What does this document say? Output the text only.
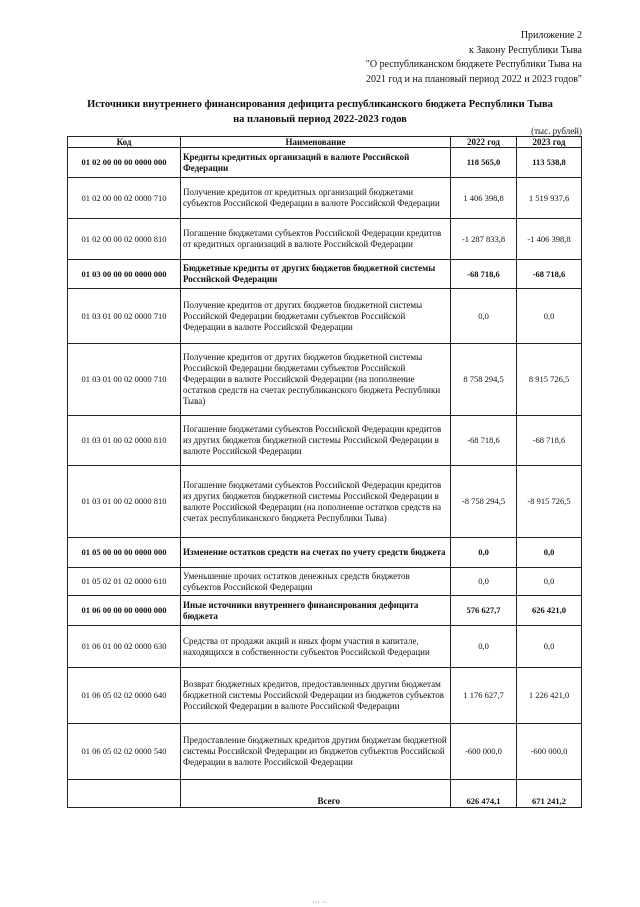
Приложение 2
к Закону Республики Тыва
"О республиканском бюджете Республики Тыва на
2021 год и на плановый период 2022 и 2023 годов"
Источники внутреннего финансирования дефицита республиканского бюджета Республики Тыва
на плановый период 2022-2023 годов
(тыс. рублей)
Код	Наименование	2022 год	2023 год
01 02 00 00 00 0000 000	Кредиты кредитных организаций в валюте Российской Федерации	118 565,0	113 538,8
01 02 00 00 02 0000 710	Получение кредитов от кредитных организаций бюджетами субъектов Российской Федерации в валюте Российской Федерации	1 406 398,8	1 519 937,6
01 02 00 00 02 0000 810	Погашение бюджетами субъектов Российской Федерации кредитов от кредитных организаций в валюте Российской Федерации	-1 287 833,8	-1 406 398,8
01 03 00 00 00 0000 000	Бюджетные кредиты от других бюджетов бюджетной системы Российской Федерации	-68 718,6	-68 718,6
01 03 01 00 02 0000 710	Получение кредитов от других бюджетов бюджетной системы Российской Федерации бюджетами субъектов Российской Федерации в валюте Российской Федерации	0,0	0,0
01 03 01 00 02 0000 710	Получение кредитов от других бюджетов бюджетной системы Российской Федерации бюджетами субъектов Российской Федерации в валюте Российской Федерации (на пополнение остатков средств на счетах республиканского бюджета Республики Тыва)	8 758 294,5	8 915 726,5
01 03 01 00 02 0000 810	Погашение бюджетами субъектов Российской Федерации кредитов из других бюджетов бюджетной системы Российской Федерации в валюте Российской Федерации	-68 718,6	-68 718,6
01 03 01 00 02 0000 810	Погашение бюджетами субъектов Российской Федерации кредитов из других бюджетов бюджетной системы Российской Федерации в валюте Российской Федерации (на пополнение остатков средств на счетах республиканского бюджета Республики Тыва)	-8 758 294,5	-8 915 726,5
01 05 00 00 00 0000 000	Изменение остатков средств на счетах по учету средств бюджета	0,0	0,0
01 05 02 01 02 0000 610	Уменьшение прочих остатков денежных средств бюджетов субъектов Российской Федерации	0,0	0,0
01 06 00 00 00 0000 000	Иные источники внутреннего финансирования дефицита бюджета	576 627,7	626 421,0
01 06 01 00 02 0000 630	Средства от продажи акций и иных форм участия в капитале, находящихся в собственности субъектов Российской Федерации	0,0	0,0
01 06 05 02 02 0000 640	Возврат бюджетных кредитов, предоставленных другим бюджетам бюджетной системы Российской Федерации из бюджетов субъектов Российской Федерации в валюте Российской Федерации	1 176 627,7	1 226 421,0
01 06 05 02 02 0000 540	Предоставление бюджетных кредитов другим бюджетам бюджетной системы Российской Федерации из бюджетов субъектов Российской Федерации в валюте Российской Федерации	-600 000,0	-600 000,0
	Всего	626 474,1	671 241,2
··· ··
